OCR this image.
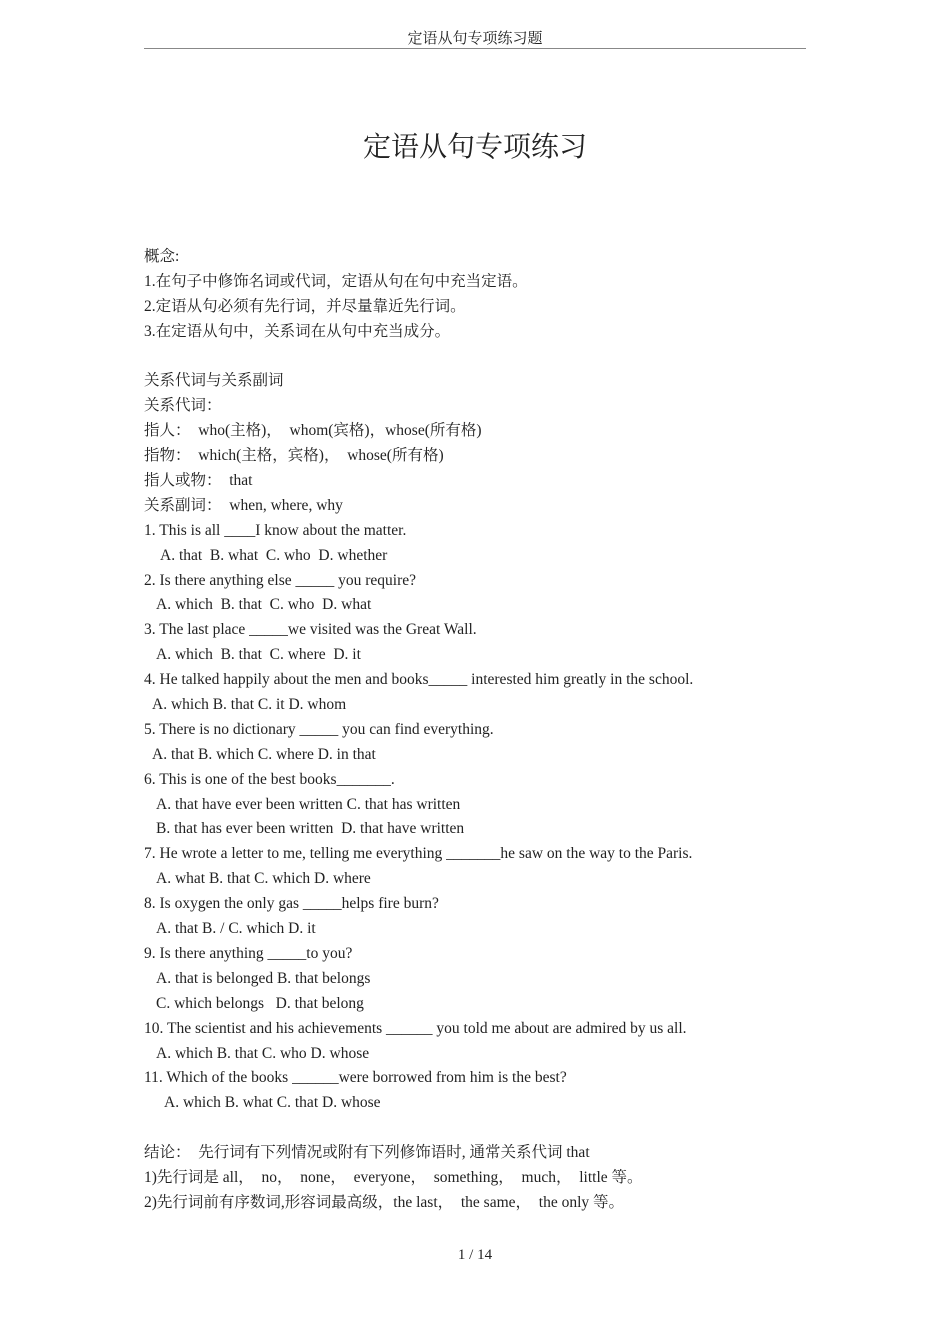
定语从句专项练习题
定语从句专项练习
概念:
1.在句子中修饰名词或代词，定语从句在句中充当定语。
2.定语从句必须有先行词，并尽量靠近先行词。
3.在定语从句中，关系词在从句中充当成分。
关系代词与关系副词
关系代词：
指人：  who(主格)，  whom(宾格)，whose(所有格)
指物：  which(主格，宾格)，  whose(所有格)
指人或物：  that
关系副词：  when, where, why
1. This is all ____I know about the matter.
A. that  B. what  C. who  D. whether
2. Is there anything else _____ you require?
A. which  B. that  C. who  D. what
3. The last place _____we visited was the Great Wall.
A. which  B. that  C. where  D. it
4. He talked happily about the men and books_____ interested him greatly in the school.
A. which B. that C. it D. whom
5. There is no dictionary _____ you can find everything.
A. that B. which C. where D. in that
6. This is one of the best books_______.
A. that have ever been written C. that has written
B. that has ever been written  D. that have written
7. He wrote a letter to me, telling me everything _______he saw on the way to the Paris.
A. what B. that C. which D. where
8. Is oxygen the only gas _____helps fire burn?
A. that B. / C. which D. it
9. Is there anything _____to you?
A. that is belonged B. that belongs
C. which belongs   D. that belong
10. The scientist and his achievements ______ you told me about are admired by us all.
A. which B. that C. who D. whose
11. Which of the books ______were borrowed from him is the best?
A. which B. what C. that D. whose
结论：  先行词有下列情况或附有下列修饰语时, 通常关系代词 that
1)先行词是 all，  no，  none，  everyone，  something，  much，  little 等。
2)先行词前有序数词,形容词最高级，the last，  the same，  the only 等。
1 / 14
